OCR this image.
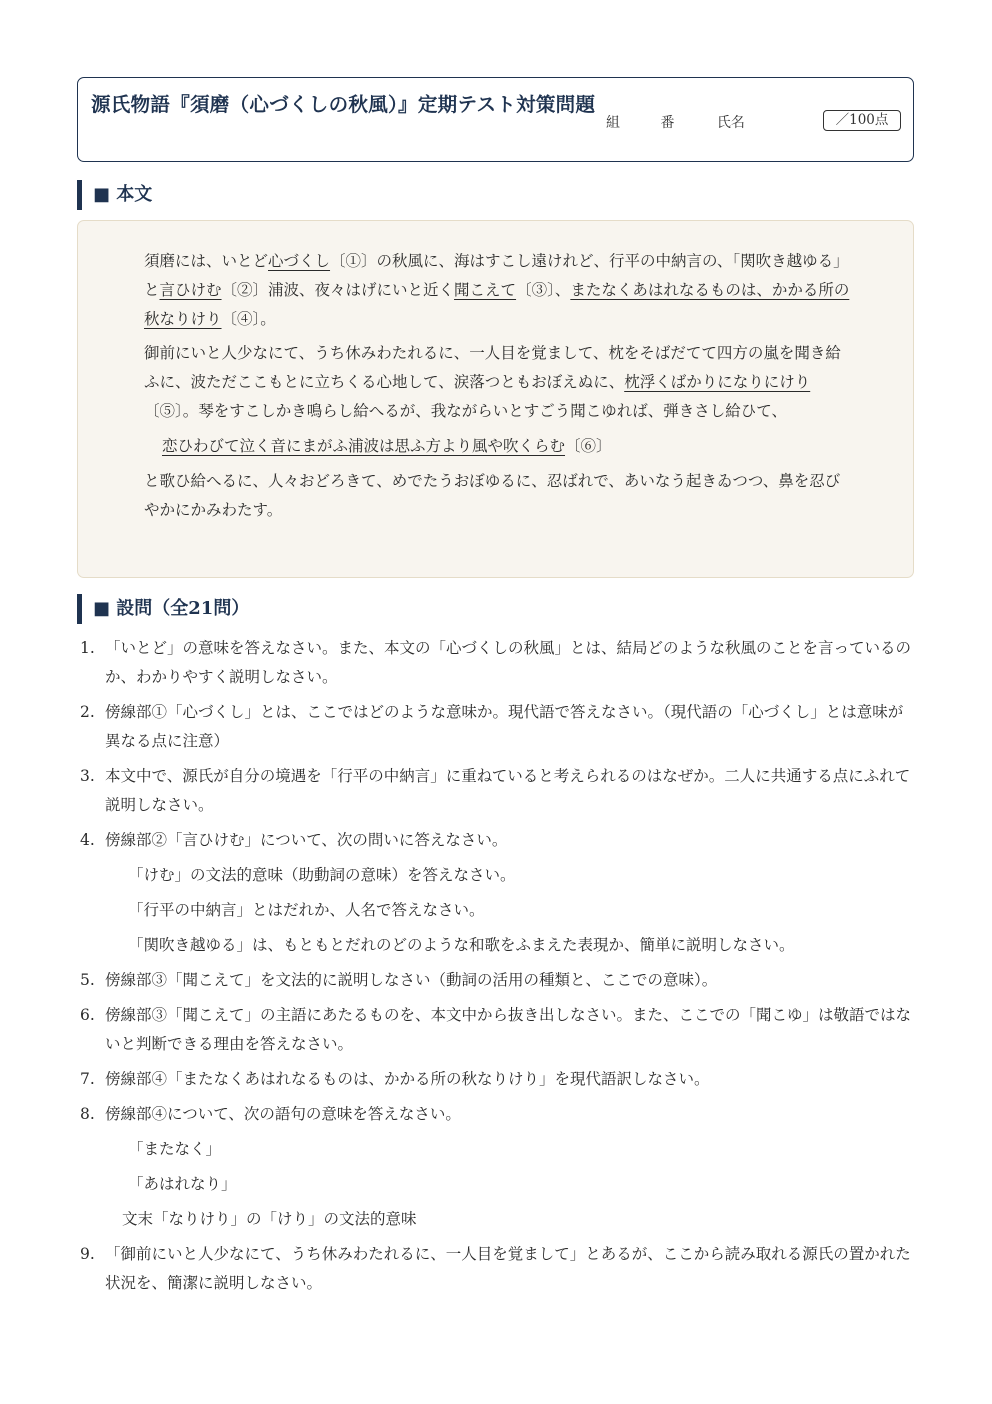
源氏物語『須磨（心づくしの秋風）』定期テスト対策問題
組	番	氏名	／100点
■ 本文

須磨には、いとど心づくし〔①〕の秋風に、海はすこし遠けれど、行平の中納言の、「関吹き越ゆる」と言ひけむ〔②〕浦波、夜々はげにいと近く聞こえて〔③〕、またなくあはれなるものは、かかる所の秋なりけり〔④〕。

御前にいと人少なにて、うち休みわたれるに、一人目を覚まして、枕をそばだてて四方の嵐を聞き給ふに、波ただここもとに立ちくる心地して、涙落つともおぼえぬに、枕浮くばかりになりにけり〔⑤〕。琴をすこしかき鳴らし給へるが、我ながらいとすごう聞こゆれば、弾きさし給ひて、

恋ひわびて泣く音にまがふ浦波は思ふ方より風や吹くらむ〔⑥〕

と歌ひ給へるに、人々おどろきて、めでたうおぼゆるに、忍ばれで、あいなう起きゐつつ、鼻を忍びやかにかみわたす。

■ 設問（全21問）
1. 「いとど」の意味を答えなさい。また、本文の「心づくしの秋風」とは、結局どのような秋風のことを言っているのか、わかりやすく説明しなさい。
2. 傍線部①「心づくし」とは、ここではどのような意味か。現代語で答えなさい。（現代語の「心づくし」とは意味が異なる点に注意）
3. 本文中で、源氏が自分の境遇を「行平の中納言」に重ねていると考えられるのはなぜか。二人に共通する点にふれて説明しなさい。
4. 傍線部②「言ひけむ」について、次の問いに答えなさい。
「けむ」の文法的意味（助動詞の意味）を答えなさい。
「行平の中納言」とはだれか、人名で答えなさい。
「関吹き越ゆる」は、もともとだれのどのような和歌をふまえた表現か、簡単に説明しなさい。
5. 傍線部③「聞こえて」を文法的に説明しなさい（動詞の活用の種類と、ここでの意味）。
6. 傍線部③「聞こえて」の主語にあたるものを、本文中から抜き出しなさい。また、ここでの「聞こゆ」は敬語ではないと判断できる理由を答えなさい。
7. 傍線部④「またなくあはれなるものは、かかる所の秋なりけり」を現代語訳しなさい。
8. 傍線部④について、次の語句の意味を答えなさい。
「またなく」
「あはれなり」
文末「なりけり」の「けり」の文法的意味
9. 「御前にいと人少なにて、うち休みわたれるに、一人目を覚まして」とあるが、ここから読み取れる源氏の置かれた状況を、簡潔に説明しなさい。
